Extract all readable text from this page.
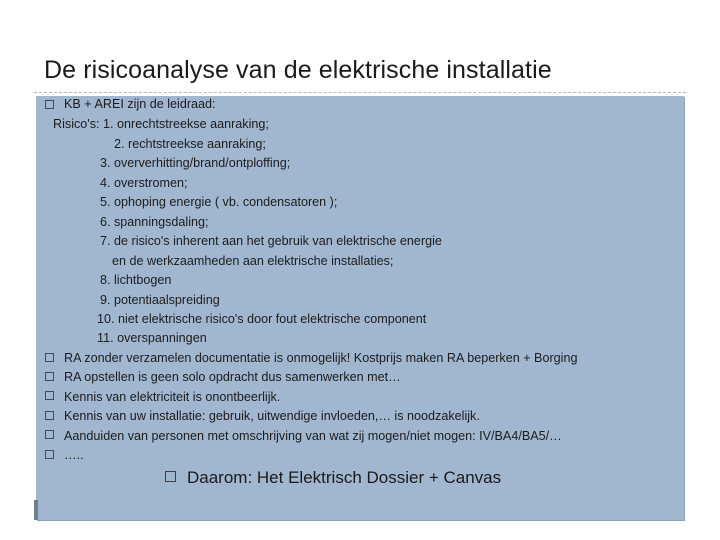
De risicoanalyse van de elektrische installatie
KB + AREI zijn de leidraad:
Risico's: 1. onrechtstreekse aanraking;
2. rechtstreekse aanraking;
3. oververhitting/brand/ontploffing;
4. overstromen;
5. ophoping energie ( vb. condensatoren );
6. spanningsdaling;
7. de risico's inherent aan het gebruik van elektrische energie
en de werkzaamheden aan elektrische installaties;
8. lichtbogen
9. potentiaalspreiding
10. niet elektrische risico's door fout elektrische component
11. overspanningen
RA zonder verzamelen documentatie is onmogelijk! Kostprijs maken RA beperken + Borging
RA opstellen is geen solo opdracht dus samenwerken met…
Kennis van elektriciteit is onontbeerlijk.
Kennis van uw installatie: gebruik, uitwendige invloeden,… is noodzakelijk.
Aanduiden van personen met omschrijving van wat zij mogen/niet mogen: IV/BA4/BA5/…
…..
Daarom: Het Elektrisch Dossier + Canvas
